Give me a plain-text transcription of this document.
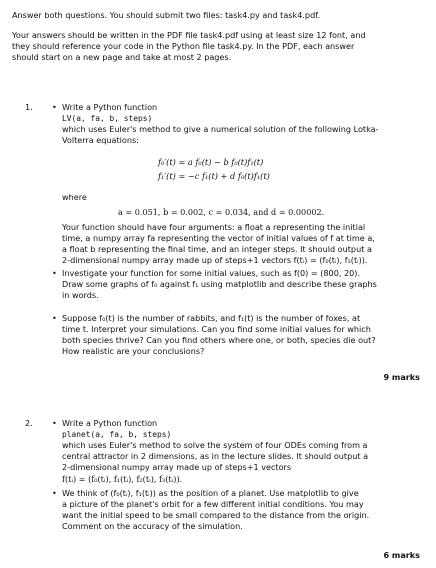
Answer both questions. You should submit two files: task4.py and task4.pdf.
Your answers should be written in the PDF file task4.pdf using at least size 12 font, and
they should reference your code in the Python file task4.py. In the PDF, each answer
should start on a new page and take at most 2 pages.
1. • Write a Python function
LV(a, fa, b, steps)
which uses Euler's method to give a numerical solution of the following Lotka-
Volterra equations:
f₀′(t) = a f₀(t) − b f₀(t)f₁(t)
f₁′(t) = −c f₁(t) + d f₀(t)f₁(t)
where
a = 0.051, b = 0.002, c = 0.034, and d = 0.00002.
Your function should have four arguments: a float a representing the initial
time, a numpy array fa representing the vector of initial values of f at time a,
a float b representing the final time, and an integer steps. It should output a
2-dimensional numpy array made up of steps+1 vectors f(tᵢ) = (f₀(tᵢ), f₁(tᵢ)).
• Investigate your function for some initial values, such as f(0) = (800, 20).
Draw some graphs of f₀ against f₁ using matplotlib and describe these graphs
in words.
• Suppose f₀(t) is the number of rabbits, and f₁(t) is the number of foxes, at
time t. Interpret your simulations. Can you find some initial values for which
both species thrive? Can you find others where one, or both, species die out?
How realistic are your conclusions?
9 marks
2. • Write a Python function
planet(a, fa, b, steps)
which uses Euler's method to solve the system of four ODEs coming from a
central attractor in 2 dimensions, as in the lecture slides. It should output a
2-dimensional numpy array made up of steps+1 vectors
f(tᵢ) = (f₀(tᵢ), f₁(tᵢ), f₂(tᵢ), f₃(tᵢ)).
• We think of (f₀(tᵢ), f₁(tᵢ)) as the position of a planet. Use matplotlib to give
a picture of the planet's orbit for a few different initial conditions. You may
want the initial speed to be small compared to the distance from the origin.
Comment on the accuracy of the simulation.
6 marks
